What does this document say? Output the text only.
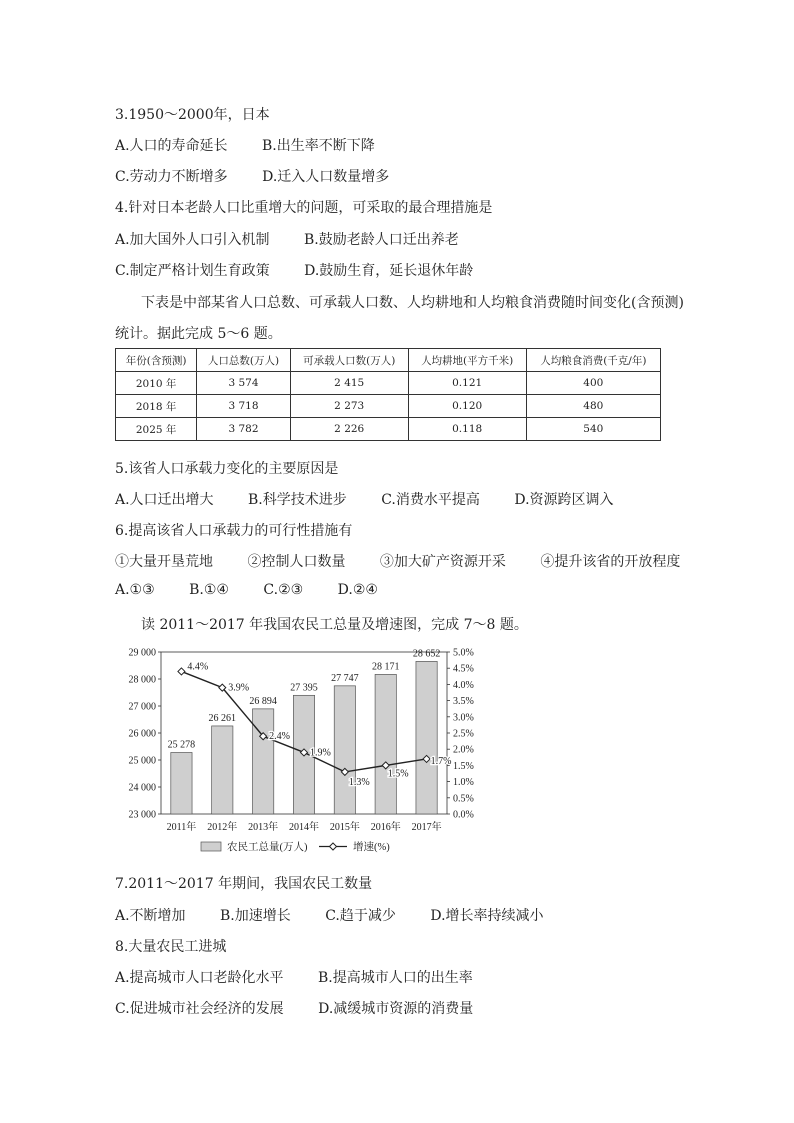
3.1950～2000年，日本
A.人口的寿命延长 B.出生率不断下降
C.劳动力不断增多 D.迁入人口数量增多
4.针对日本老龄人口比重增大的问题，可采取的最合理措施是
A.加大国外人口引入机制 B.鼓励老龄人口迁出养老
C.制定严格计划生育政策 D.鼓励生育，延长退休年龄
下表是中部某省人口总数、可承载人口数、人均耕地和人均粮食消费随时间变化(含预测)
统计。据此完成 5～6 题。
年份(含预测)	人口总数(万人)	可承载人口数(万人)	人均耕地(平方千米)	人均粮食消费(千克/年)
2010 年	3 574	2 415	0.121	400
2018 年	3 718	2 273	0.120	480
2025 年	3 782	2 226	0.118	540
5.该省人口承载力变化的主要原因是
A.人口迁出增大 B.科学技术进步 C.消费水平提高 D.资源跨区调入
6.提高该省人口承载力的可行性措施有
①大量开垦荒地 ②控制人口数量 ③加大矿产资源开采 ④提升该省的开放程度
A.①③ B.①④ C.②③ D.②④
读 2011～2017 年我国农民工总量及增速图，完成 7～8 题。
23 000
24 000
25 000
26 000
27 000
28 000
29 000
0.0%
0.5%
1.0%
1.5%
2.0%
2.5%
3.0%
3.5%
4.0%
4.5%
5.0%
25 278
26 261
26 894
27 395
27 747
28 171
28 652
2011年 2012年 2013年 2014年 2015年 2016年 2017年
4.4%
3.9%
2.4%
1.9%
1.3%
1.5%
1.7%
农民工总量(万人)	增速(%)
7.2011～2017 年期间，我国农民工数量
A.不断增加 B.加速增长 C.趋于减少 D.增长率持续减小
8.大量农民工进城
A.提高城市人口老龄化水平 B.提高城市人口的出生率
C.促进城市社会经济的发展 D.减缓城市资源的消费量
